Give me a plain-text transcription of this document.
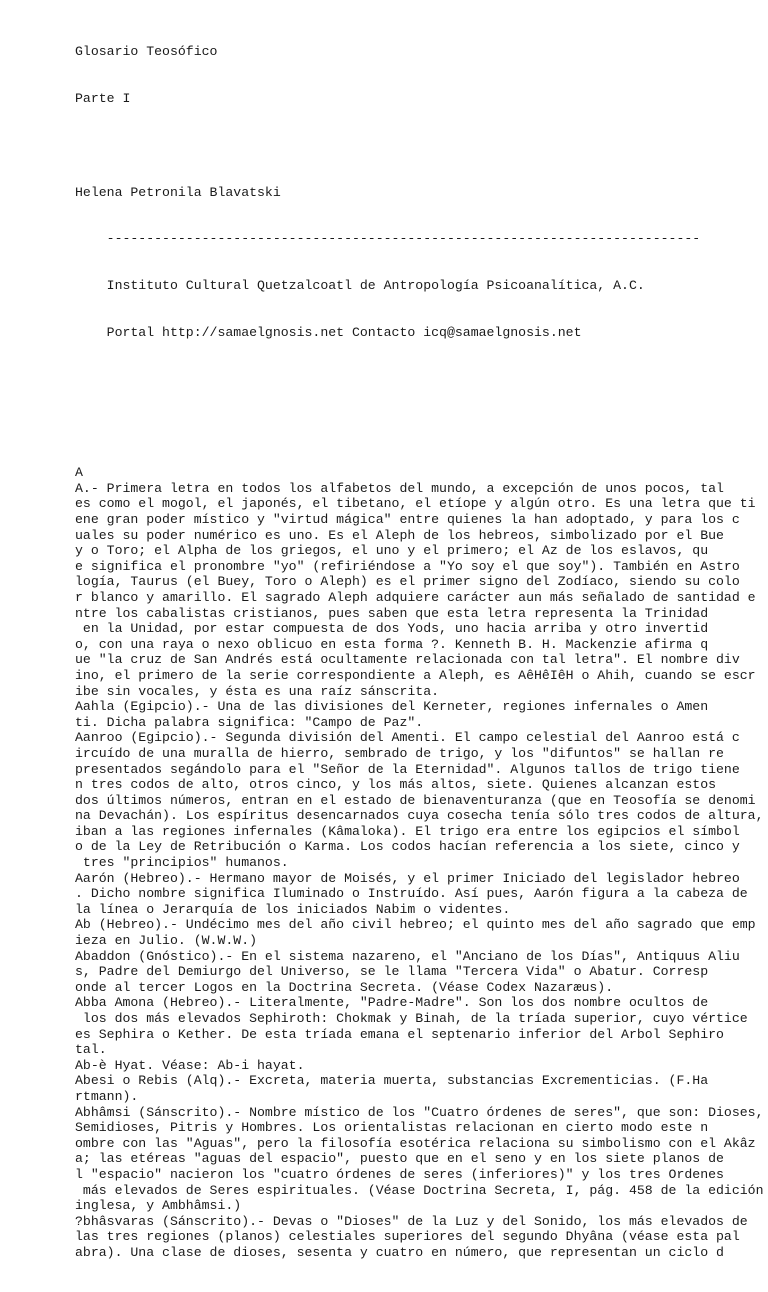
Glosario Teosófico

Parte I

Helena Petronila Blavatski

---------------------------------------------------------------------------

Instituto Cultural Quetzalcoatl de Antropología Psicoanalítica, A.C.

Portal http://samaelgnosis.net Contacto icq@samaelgnosis.net

A
A.- Primera letra en todos los alfabetos del mundo, a excepción de unos pocos, tal
es como el mogol, el japonés, el tibetano, el etíope y algún otro. Es una letra que ti
ene gran poder místico y "virtud mágica" entre quienes la han adoptado, y para los c
uales su poder numérico es uno. Es el Aleph de los hebreos, simbolizado por el Bue
y o Toro; el Alpha de los griegos, el uno y el primero; el Az de los eslavos, qu
e significa el pronombre "yo" (refiriéndose a "Yo soy el que soy"). También en Astro
logía, Taurus (el Buey, Toro o Aleph) es el primer signo del Zodíaco, siendo su colo
r blanco y amarillo. El sagrado Aleph adquiere carácter aun más señalado de santidad e
ntre los cabalistas cristianos, pues saben que esta letra representa la Trinidad
en la Unidad, por estar compuesta de dos Yods, uno hacia arriba y otro invertid
o, con una raya o nexo oblicuo en esta forma ?. Kenneth B. H. Mackenzie afirma q
ue "la cruz de San Andrés está ocultamente relacionada con tal letra". El nombre div
ino, el primero de la serie correspondiente a Aleph, es AêHêIêH o Ahih, cuando se escr
ibe sin vocales, y ésta es una raíz sánscrita.
Aahla (Egipcio).- Una de las divisiones del Kerneter, regiones infernales o Amen
ti. Dicha palabra significa: "Campo de Paz".
Aanroo (Egipcio).- Segunda división del Amenti. El campo celestial del Aanroo está c
ircuído de una muralla de hierro, sembrado de trigo, y los "difuntos" se hallan re
presentados segándolo para el "Señor de la Eternidad". Algunos tallos de trigo tiene
n tres codos de alto, otros cinco, y los más altos, siete. Quienes alcanzan estos
dos últimos números, entran en el estado de bienaventuranza (que en Teosofía se denomi
na Devachán). Los espíritus desencarnados cuya cosecha tenía sólo tres codos de altura,
iban a las regiones infernales (Kâmaloka). El trigo era entre los egipcios el símbol
o de la Ley de Retribución o Karma. Los codos hacían referencia a los siete, cinco y
tres "principios" humanos.
Aarón (Hebreo).- Hermano mayor de Moisés, y el primer Iniciado del legislador hebreo
. Dicho nombre significa Iluminado o Instruído. Así pues, Aarón figura a la cabeza de
la línea o Jerarquía de los iniciados Nabim o videntes.
Ab (Hebreo).- Undécimo mes del año civil hebreo; el quinto mes del año sagrado que emp
ieza en Julio. (W.W.W.)
Abaddon (Gnóstico).- En el sistema nazareno, el "Anciano de los Días", Antiquus Aliu
s, Padre del Demiurgo del Universo, se le llama "Tercera Vida" o Abatur. Corresp
onde al tercer Logos en la Doctrina Secreta. (Véase Codex Nazaræus).
Abba Amona (Hebreo).- Literalmente, "Padre-Madre". Son los dos nombre ocultos de
los dos más elevados Sephiroth: Chokmak y Binah, de la tríada superior, cuyo vértice
es Sephira o Kether. De esta tríada emana el septenario inferior del Arbol Sephiro
tal.
Ab-è Hyat. Véase: Ab-i hayat.
Abesi o Rebis (Alq).- Excreta, materia muerta, substancias Excrementicias. (F.Ha
rtmann).
Abhâmsi (Sánscrito).- Nombre místico de los "Cuatro órdenes de seres", que son: Dioses,
Semidioses, Pitris y Hombres. Los orientalistas relacionan en cierto modo este n
ombre con las "Aguas", pero la filosofía esotérica relaciona su simbolismo con el Akâz
a; las etéreas "aguas del espacio", puesto que en el seno y en los siete planos de
l "espacio" nacieron los "cuatro órdenes de seres (inferiores)" y los tres Ordenes
más elevados de Seres espirituales. (Véase Doctrina Secreta, I, pág. 458 de la edición
inglesa, y Ambhâmsi.)
?bhâsvaras (Sánscrito).- Devas o "Dioses" de la Luz y del Sonido, los más elevados de
las tres regiones (planos) celestiales superiores del segundo Dhyâna (véase esta pal
abra). Una clase de dioses, sesenta y cuatro en número, que representan un ciclo d
